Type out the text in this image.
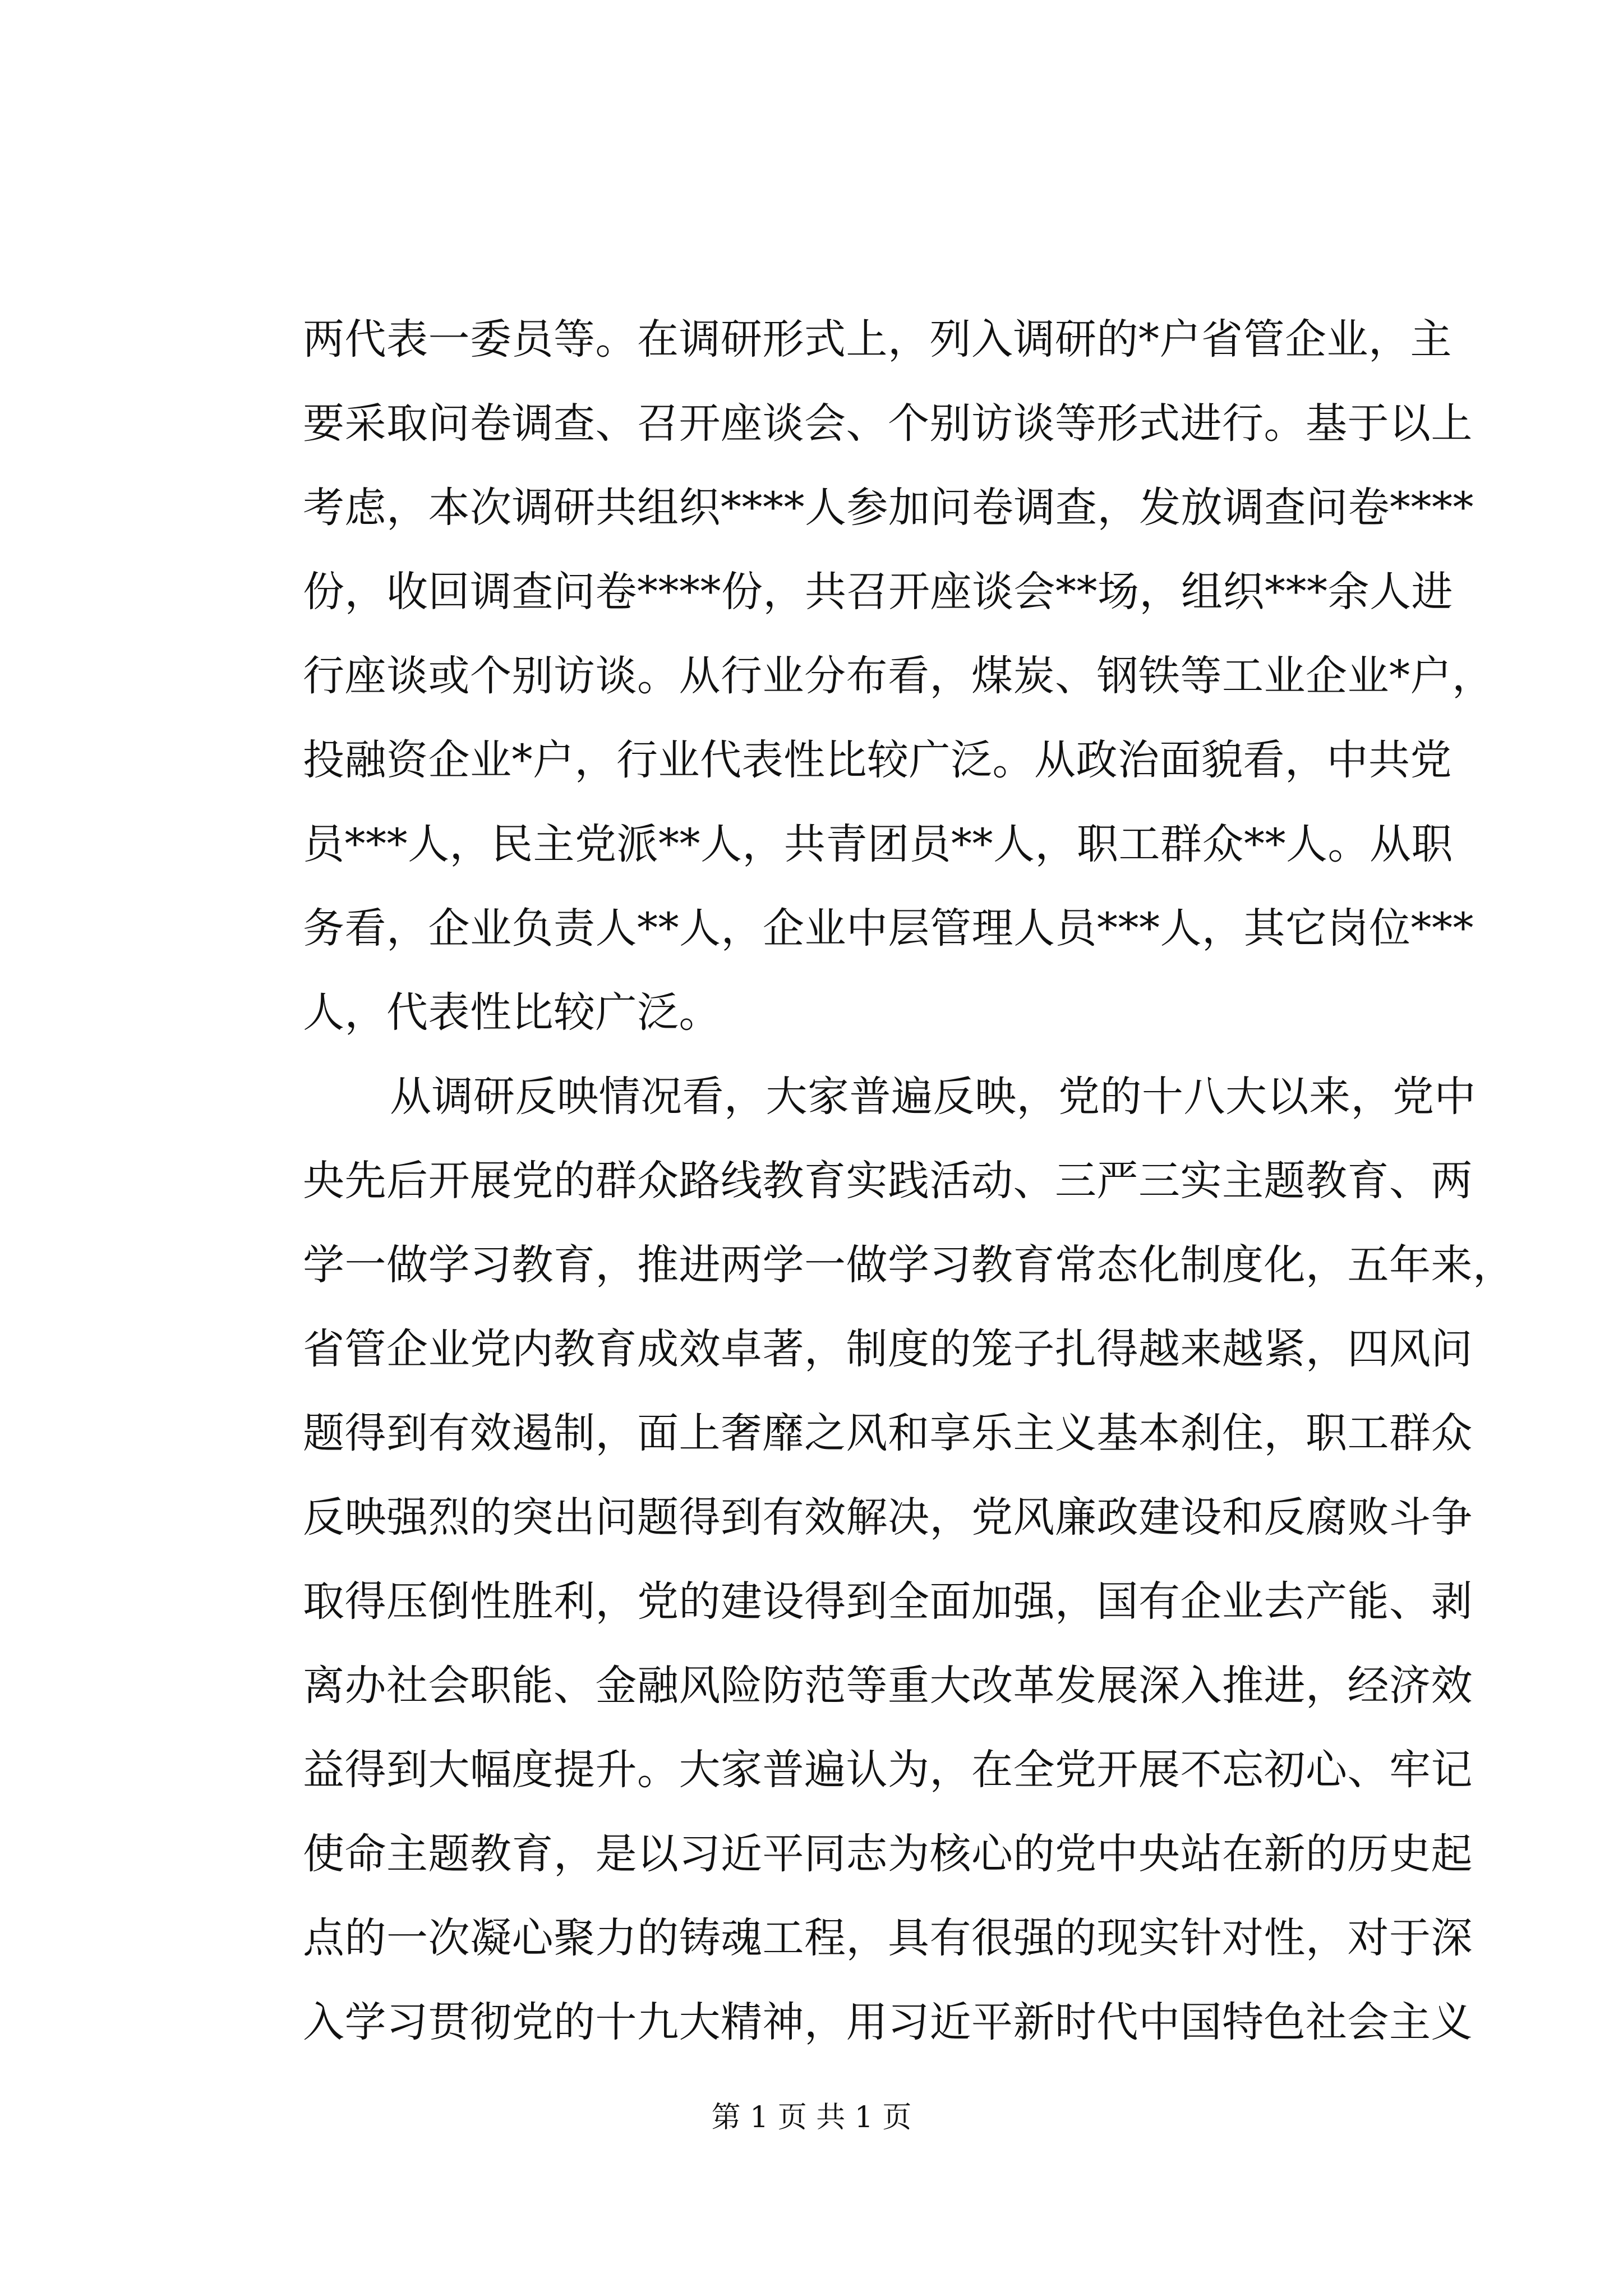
两代表一委员等。在调研形式上，列入调研的*户省管企业，主
要采取问卷调查、召开座谈会、个别访谈等形式进行。基于以上
考虑，本次调研共组织****人参加问卷调查，发放调查问卷****
份，收回调查问卷****份，共召开座谈会**场，组织***余人进
行座谈或个别访谈。从行业分布看，煤炭、钢铁等工业企业*户，
投融资企业*户，行业代表性比较广泛。从政治面貌看，中共党
员***人，民主党派**人，共青团员**人，职工群众**人。从职
务看，企业负责人**人，企业中层管理人员***人，其它岗位***
人，代表性比较广泛。
从调研反映情况看，大家普遍反映，党的十八大以来，党中
央先后开展党的群众路线教育实践活动、三严三实主题教育、两
学一做学习教育，推进两学一做学习教育常态化制度化，五年来，
省管企业党内教育成效卓著，制度的笼子扎得越来越紧，四风问
题得到有效遏制，面上奢靡之风和享乐主义基本刹住，职工群众
反映强烈的突出问题得到有效解决，党风廉政建设和反腐败斗争
取得压倒性胜利，党的建设得到全面加强，国有企业去产能、剥
离办社会职能、金融风险防范等重大改革发展深入推进，经济效
益得到大幅度提升。大家普遍认为，在全党开展不忘初心、牢记
使命主题教育，是以习近平同志为核心的党中央站在新的历史起
点的一次凝心聚力的铸魂工程，具有很强的现实针对性，对于深
入学习贯彻党的十九大精神，用习近平新时代中国特色社会主义
第 1 页 共 1 页
